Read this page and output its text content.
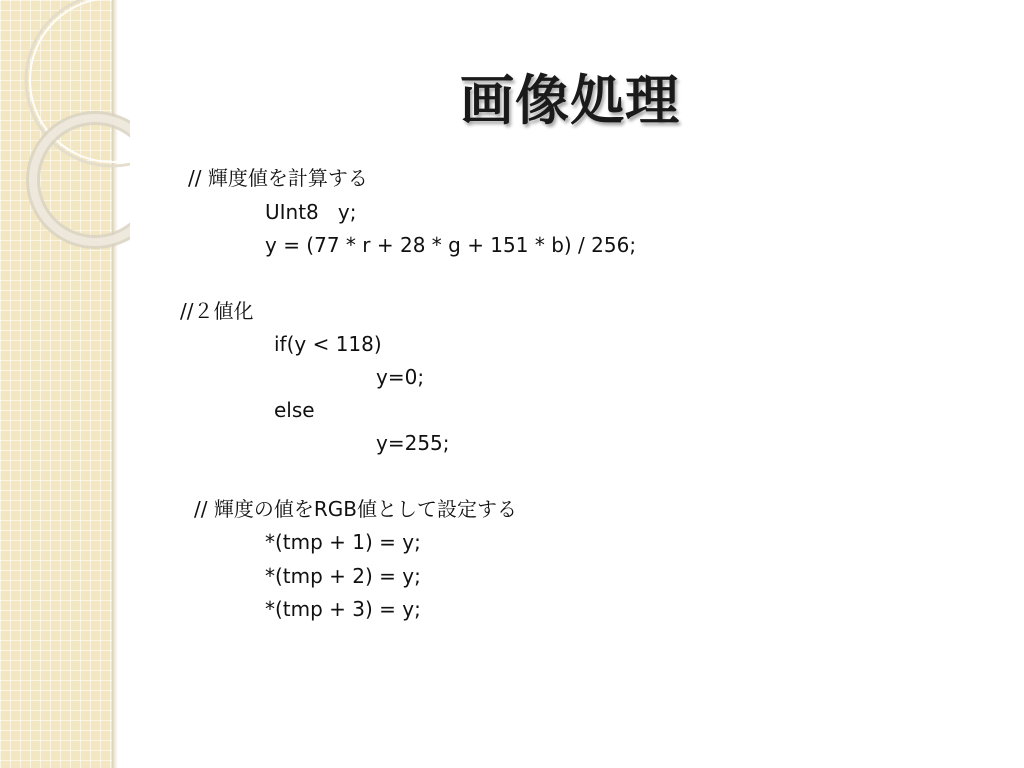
画像処理
// 輝度値を計算する
UInt8   y;
y = (77 * r + 28 * g + 151 * b) / 256;
//２値化
if(y < 118)
y=0;
else
y=255;
// 輝度の値をRGB値として設定する
*(tmp + 1) = y;
*(tmp + 2) = y;
*(tmp + 3) = y;
